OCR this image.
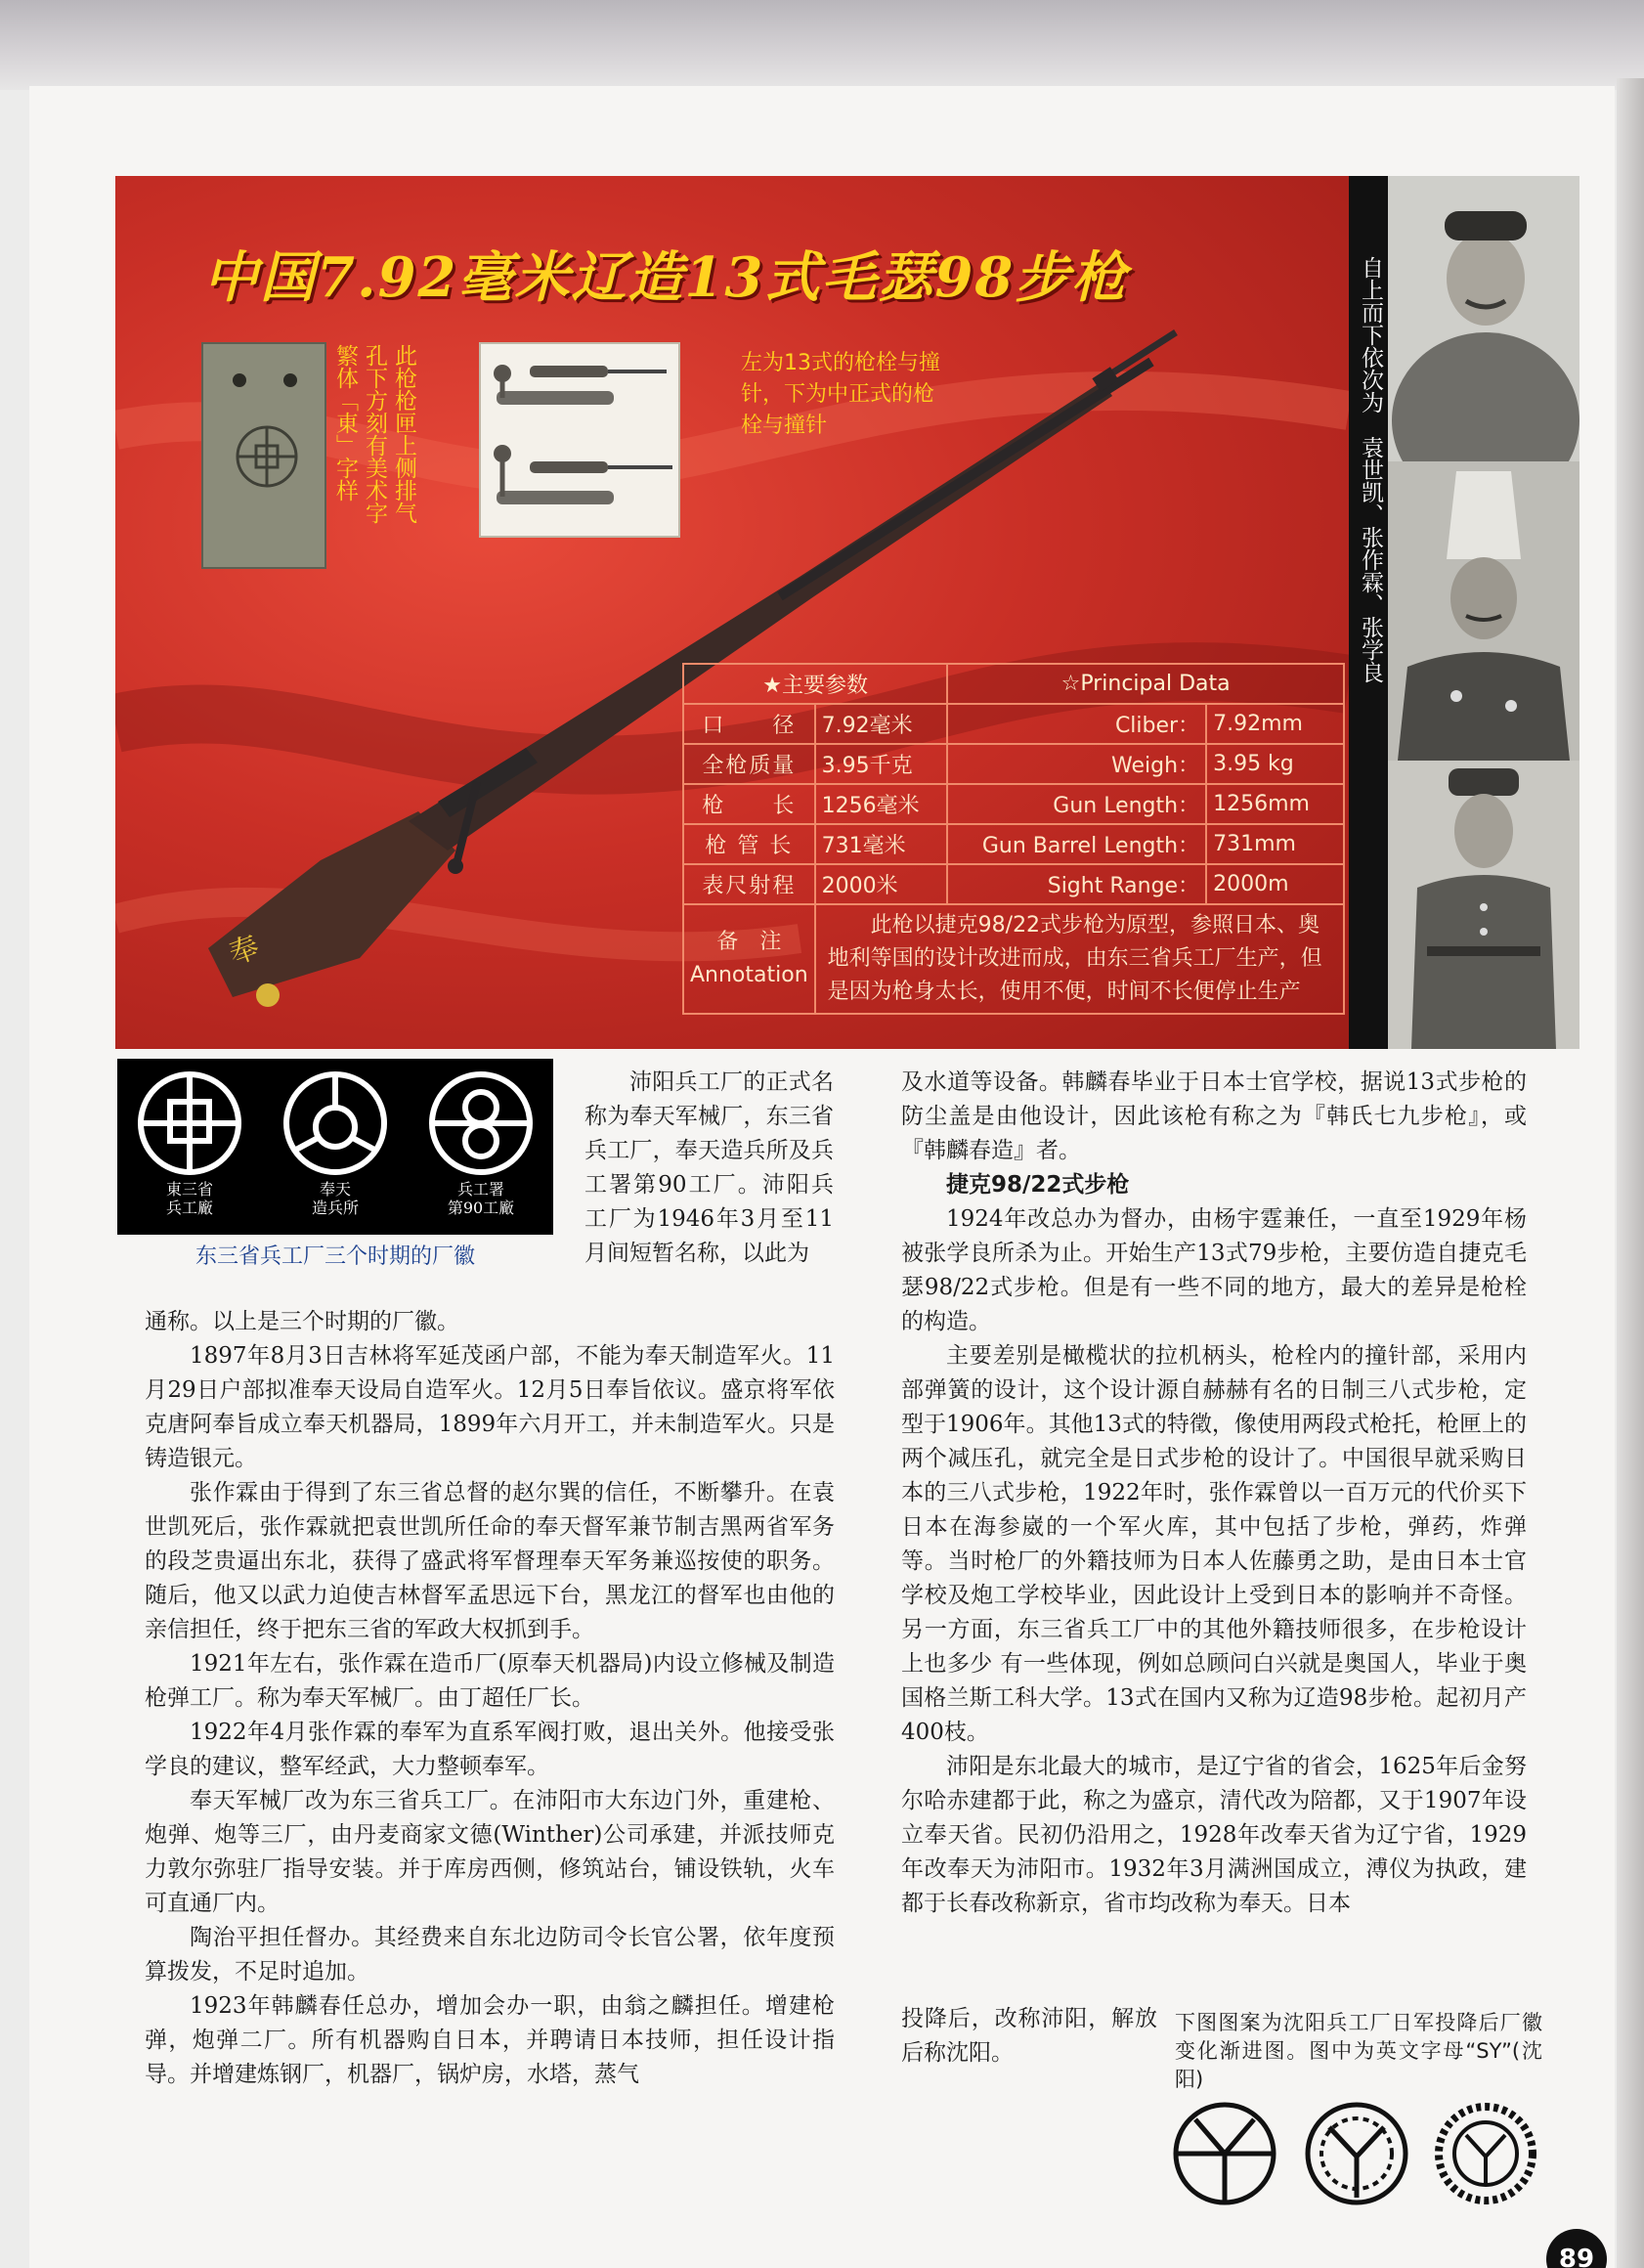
中国7.92毫米辽造13式毛瑟98步枪
繁体「東」字样 孔下方刻有美术字 此枪枪匣上侧排气	左为13式的枪栓与撞针，下为中正式的枪栓与撞针
奉
★主要参数		☆Principal Data	
口　　径	7.92毫米	Cliber：	7.92mm
全枪质量	3.95千克	Weigh：	3.95 kg
枪　　长	1256毫米	Gun Length：	1256mm
枪 管 长	731毫米	Gun Barrel Length：	731mm
表尺射程	2000米	Sight Range：	2000m

备　注
Annotation	此枪以捷克98/22式步枪为原型，参照日本、奥地利等国的设计改进而成，由东三省兵工厂生产，但是因为枪身太长，使用不便，时间不长便停止生产		
自上而下依次为　袁世凯、张作霖、张学良
東三省
兵工廠
奉天
造兵所
兵工署
第90工廠
东三省兵工厂三个时期的厂徽

沛阳兵工厂的正式名称为奉天军械厂，东三省兵工厂，奉天造兵所及兵工署第90工厂。沛阳兵工厂为1946年3月至11月间短暂名称，以此为

通称。以上是三个时期的厂徽。

1897年8月3日吉林将军延茂函户部，不能为奉天制造军火。11月29日户部拟准奉天设局自造军火。12月5日奉旨依议。盛京将军依克唐阿奉旨成立奉天机器局，1899年六月开工，并未制造军火。只是铸造银元。

张作霖由于得到了东三省总督的赵尔巽的信任，不断攀升。在袁世凯死后，张作霖就把袁世凯所任命的奉天督军兼节制吉黑两省军务的段芝贵逼出东北，获得了盛武将军督理奉天军务兼巡按使的职务。随后，他又以武力迫使吉林督军孟思远下台，黑龙江的督军也由他的亲信担任，终于把东三省的军政大权抓到手。

1921年左右，张作霖在造币厂(原奉天机器局)内设立修械及制造枪弹工厂。称为奉天军械厂。由丁超任厂长。

1922年4月张作霖的奉军为直系军阀打败，退出关外。他接受张学良的建议，整军经武，大力整顿奉军。

奉天军械厂改为东三省兵工厂。在沛阳市大东边门外，重建枪、炮弹、炮等三厂，由丹麦商家文德(Winther)公司承建，并派技师克力敦尔弥驻厂指导安装。并于库房西侧，修筑站台，铺设铁轨，火车可直通厂内。

陶治平担任督办。其经费来自东北边防司令长官公署，依年度预算拨发，不足时追加。

1923年韩麟春任总办，增加会办一职，由翁之麟担任。增建枪弹，炮弹二厂。所有机器购自日本，并聘请日本技师，担任设计指导。并增建炼钢厂，机器厂，锅炉房，水塔，蒸气

及水道等设备。韩麟春毕业于日本士官学校，据说13式步枪的防尘盖是由他设计，因此该枪有称之为『韩氏七九步枪』，或『韩麟春造』者。

捷克98/22式步枪

1924年改总办为督办，由杨宇霆兼任，一直至1929年杨被张学良所杀为止。开始生产13式79步枪，主要仿造自捷克毛瑟98/22式步枪。但是有一些不同的地方，最大的差异是枪栓的构造。

主要差别是橄榄状的拉机柄头，枪栓内的撞针部，采用内部弹簧的设计，这个设计源自赫赫有名的日制三八式步枪，定型于1906年。其他13式的特徵，像使用两段式枪托，枪匣上的两个减压孔，就完全是日式步枪的设计了。中国很早就采购日本的三八式步枪，1922年时，张作霖曾以一百万元的代价买下日本在海参崴的一个军火库，其中包括了步枪，弹药，炸弹等。当时枪厂的外籍技师为日本人佐藤勇之助，是由日本士官学校及炮工学校毕业，因此设计上受到日本的影响并不奇怪。另一方面，东三省兵工厂中的其他外籍技师很多，在步枪设计上也多少 有一些体现，例如总顾问白兴就是奥国人，毕业于奥国格兰斯工科大学。13式在国内又称为辽造98步枪。起初月产400枝。

沛阳是东北最大的城市，是辽宁省的省会，1625年后金努尔哈赤建都于此，称之为盛京，清代改为陪都，又于1907年设立奉天省。民初仍沿用之，1928年改奉天省为辽宁省，1929年改奉天为沛阳市。1932年3月满洲国成立，溥仪为执政，建都于长春改称新京，省市均改称为奉天。日本

投降后，改称沛阳，解放后称沈阳。

下图图案为沈阳兵工厂日军投降后厂徽变化渐进图。图中为英文字母“SY”(沈阳)
89
